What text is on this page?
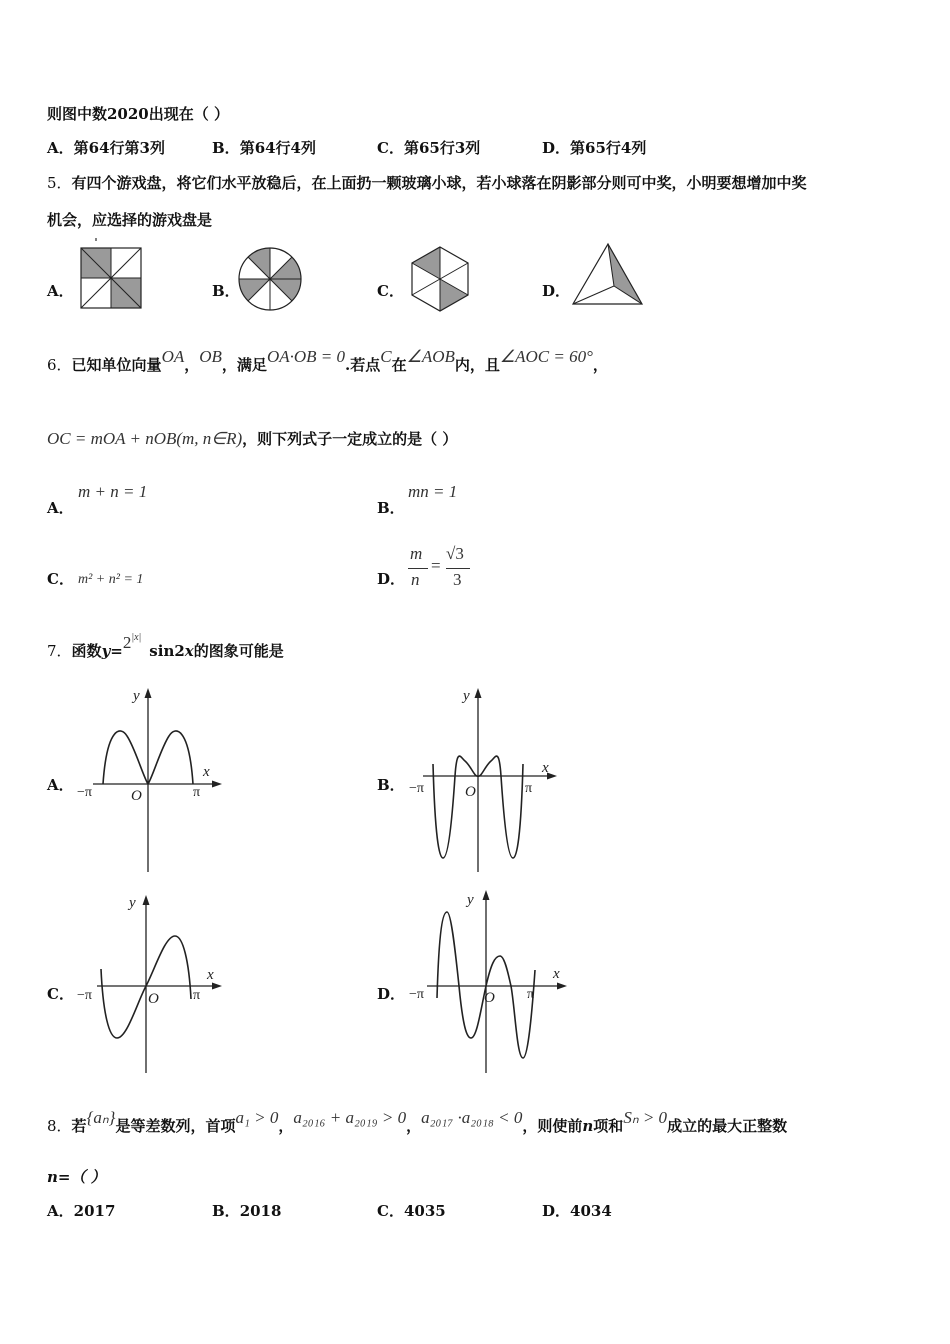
则图中数2020出现在（ ）
A．第64行第3列	B．第64行4列	C．第65行3列	D．第65行4列
5．有四个游戏盘，将它们水平放稳后，在上面扔一颗玻璃小球，若小球落在阴影部分则可中奖，小明要想增加中奖
机会，应选择的游戏盘是
A．	B．	C．	D．
6．已知单位向量OA，OB，满足OA·OB = 0.若点C在∠AOB内，且∠AOC = 60°，
OC = mOA + nOB(m, n∈R)，则下列式子一定成立的是（ ）
A．
m + n = 1
B．
mn = 1
C． m² + n² = 1	D．
m
n
=
√3
3
7．函数$y=2^{|x|}\sin 2x$的图象可能是
A．
y
x
O
−π	π	B．
y
x
O
−π	π
C．
y
x
O
−π	π	D．
y
x
O
−π	π
8．若{aₙ}是等差数列，首项a₁ > 0，a₂₀₁₆ + a₂₀₁₉ > 0，a₂₀₁₇ ·a₂₀₁₈ < 0，则使前n项和Sₙ > 0成立的最大正整数
n=（ ）
A．2017	B．2018	C．4035	D．4034
